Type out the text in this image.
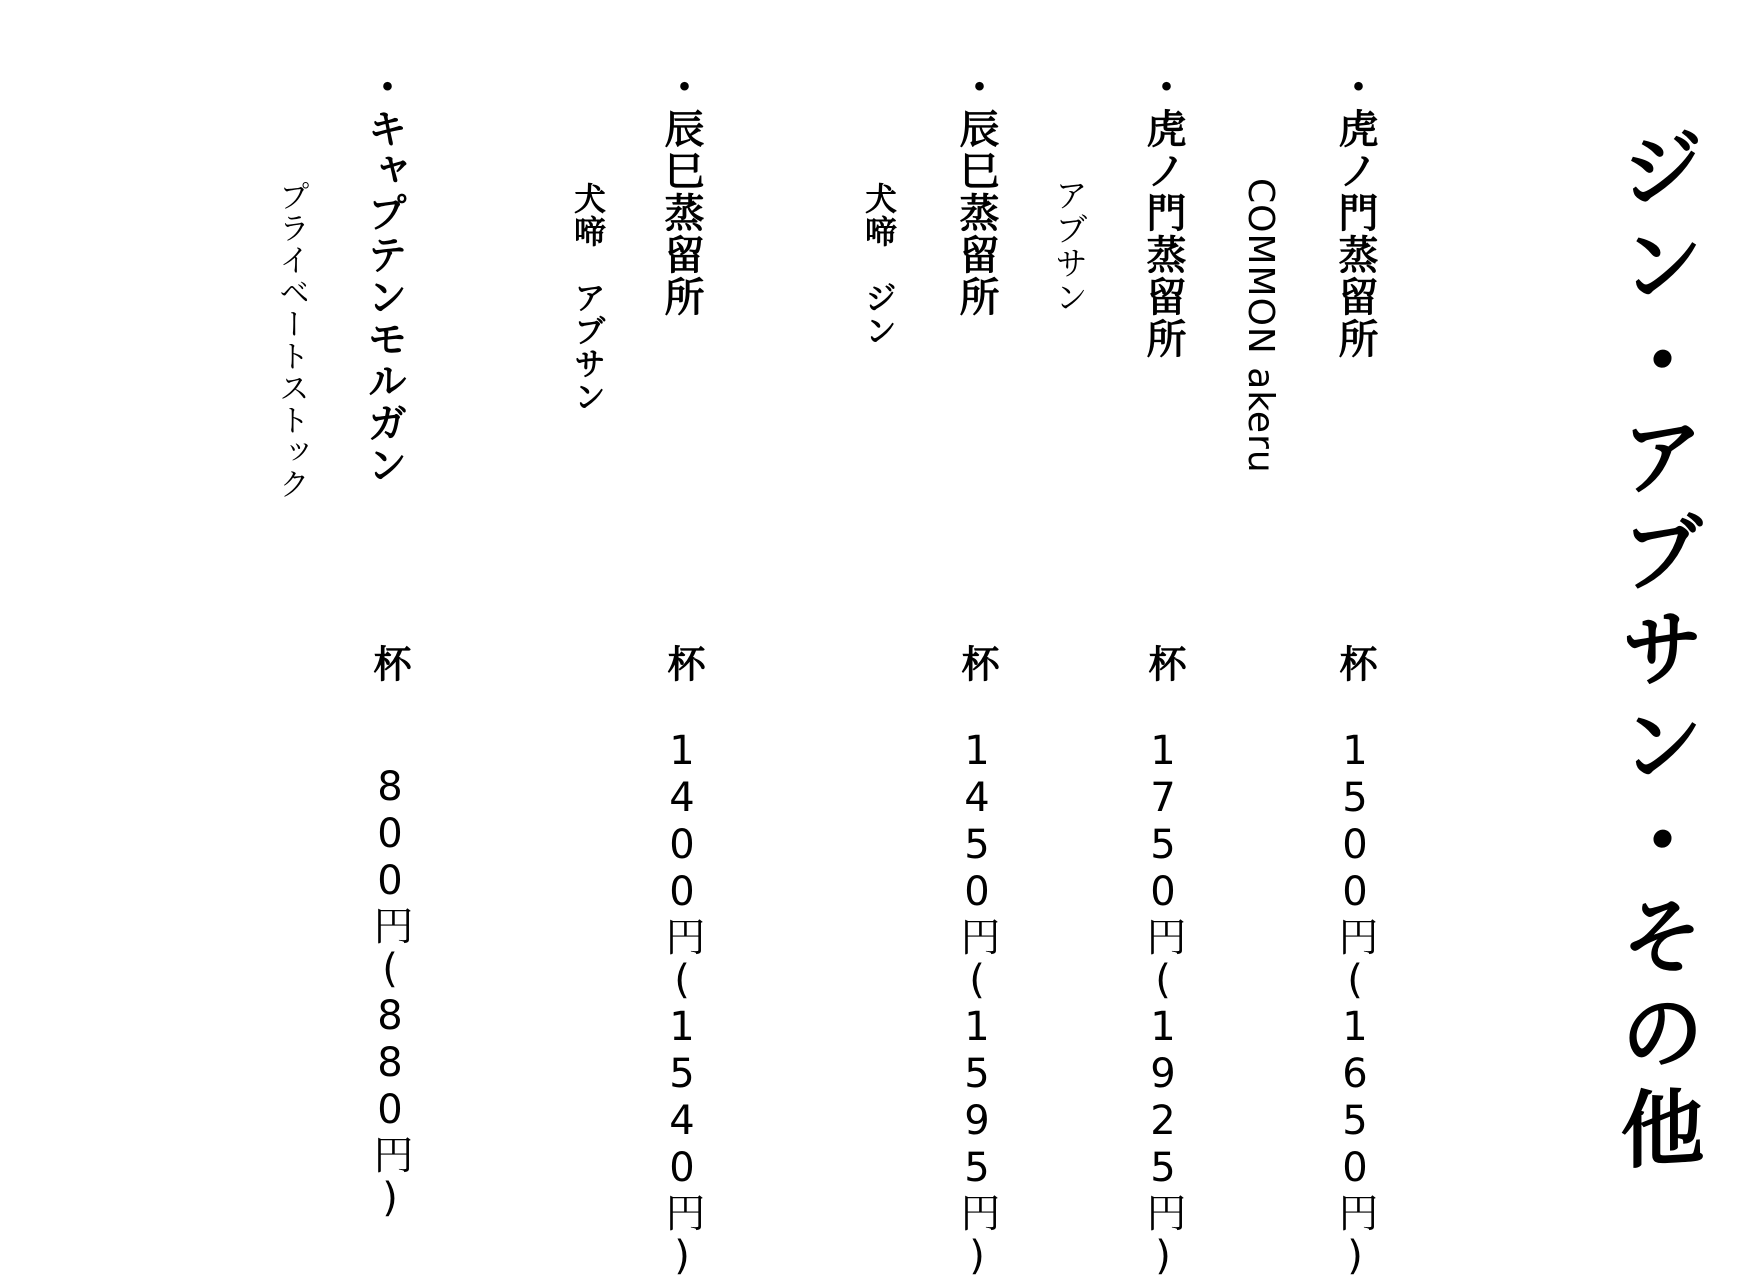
ジン・アブサン・その他
・虎ノ門蒸留所
COMMON akeru
杯
1500円(1650円)
・虎ノ門蒸留所
アブサン
杯
1750円(1925円)
・辰巳蒸留所
犬啼　ジン
杯
1450円(1595円)
・辰巳蒸留所
犬啼　アブサン
杯
1400円(1540円)
・キャプテンモルガン
プライベートストック
杯
800円(880円)
